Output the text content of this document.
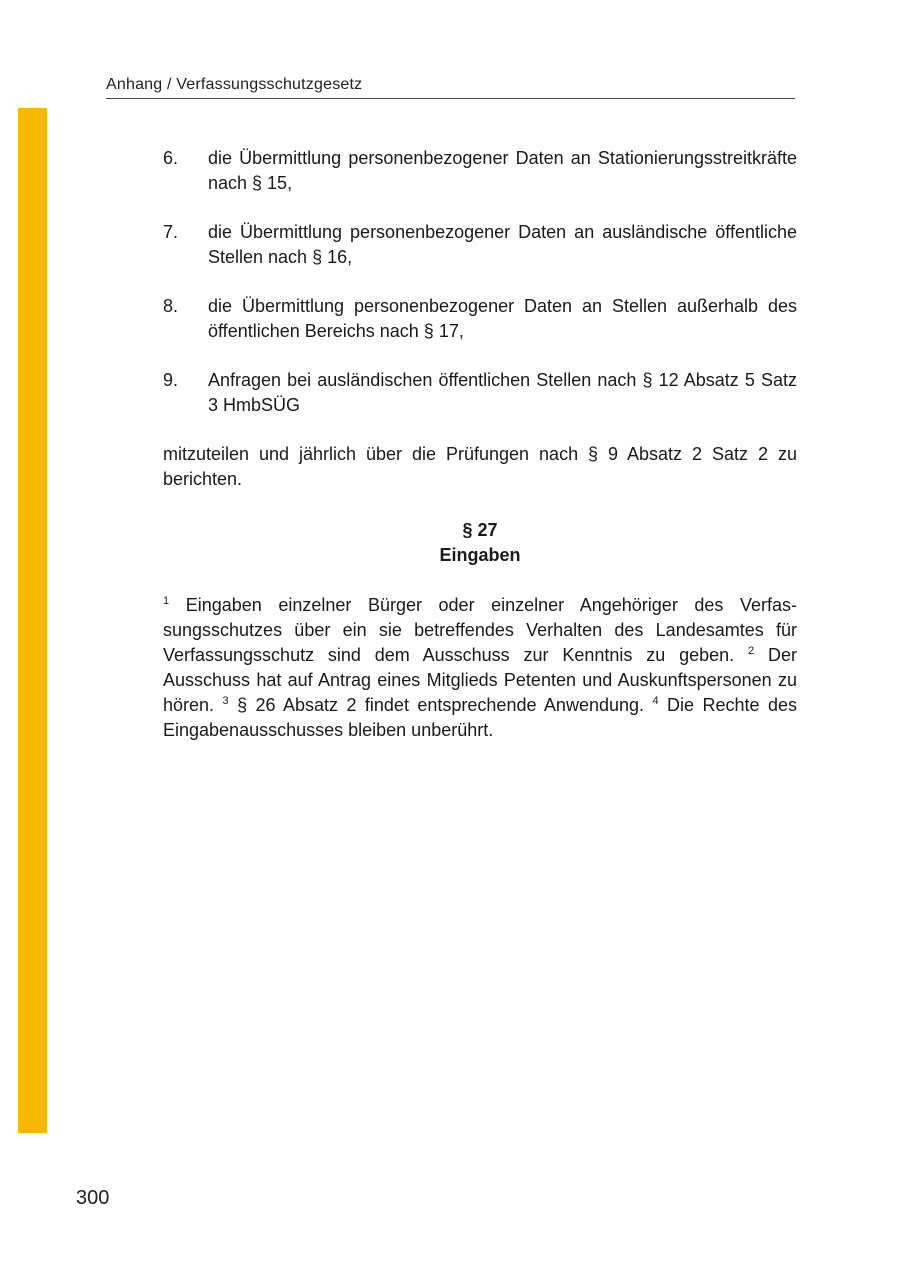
Anhang / Verfassungsschutzgesetz
6. die Übermittlung personenbezogener Daten an Stationierungsstreitkräfte nach § 15,
7. die Übermittlung personenbezogener Daten an ausländische öffentliche Stellen nach § 16,
8. die Übermittlung personenbezogener Daten an Stellen außerhalb des öffentlichen Bereichs nach § 17,
9. Anfragen bei ausländischen öffentlichen Stellen nach § 12 Absatz 5 Satz 3 HmbSÜG
mitzuteilen und jährlich über die Prüfungen nach § 9 Absatz 2 Satz 2 zu berichten.
§ 27
Eingaben
$^1$ Eingaben einzelner Bürger oder einzelner Angehöriger des Verfassungsschutzes über ein sie betreffendes Verhalten des Landesamtes für Verfassungsschutz sind dem Ausschuss zur Kenntnis zu geben. $^2$ Der Ausschuss hat auf Antrag eines Mitglieds Petenten und Auskunftspersonen zu hören. $^3$ § 26 Absatz 2 findet entsprechende Anwendung. $^4$ Die Rechte des Eingabenausschusses bleiben unberührt.
300
